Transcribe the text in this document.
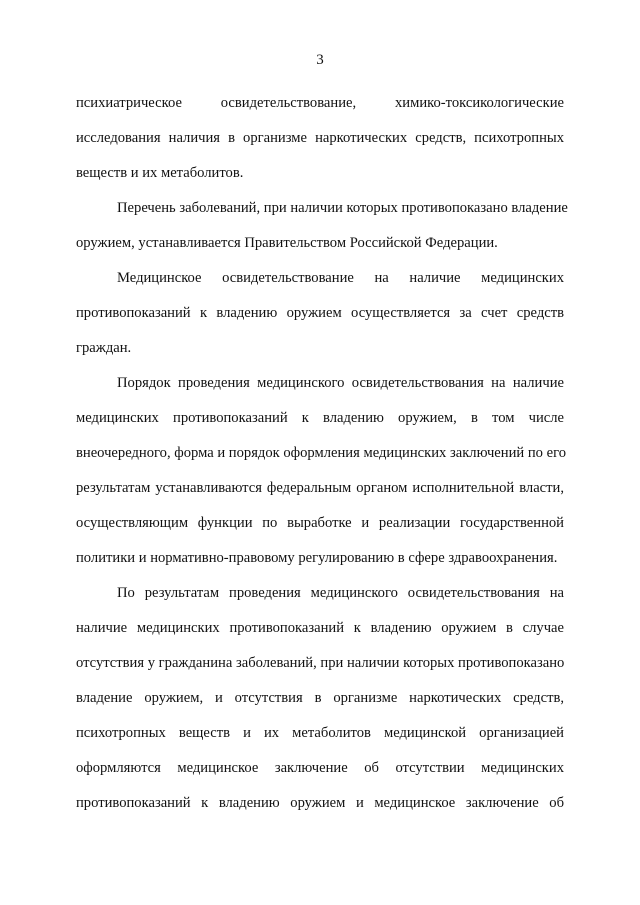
3
психиатрическое освидетельствование, химико-токсикологические
исследования наличия в организме наркотических средств, психотропных
веществ и их метаболитов.
Перечень заболеваний, при наличии которых противопоказано владение
оружием, устанавливается Правительством Российской Федерации.
Медицинское освидетельствование на наличие медицинских
противопоказаний к владению оружием осуществляется за счет средств
граждан.
Порядок проведения медицинского освидетельствования на наличие
медицинских противопоказаний к владению оружием, в том числе
внеочередного, форма и порядок оформления медицинских заключений по его
результатам устанавливаются федеральным органом исполнительной власти,
осуществляющим функции по выработке и реализации государственной
политики и нормативно-правовому регулированию в сфере здравоохранения.
По результатам проведения медицинского освидетельствования на
наличие медицинских противопоказаний к владению оружием в случае
отсутствия у гражданина заболеваний, при наличии которых противопоказано
владение оружием, и отсутствия в организме наркотических средств,
психотропных веществ и их метаболитов медицинской организацией
оформляются медицинское заключение об отсутствии медицинских
противопоказаний к владению оружием и медицинское заключение об
